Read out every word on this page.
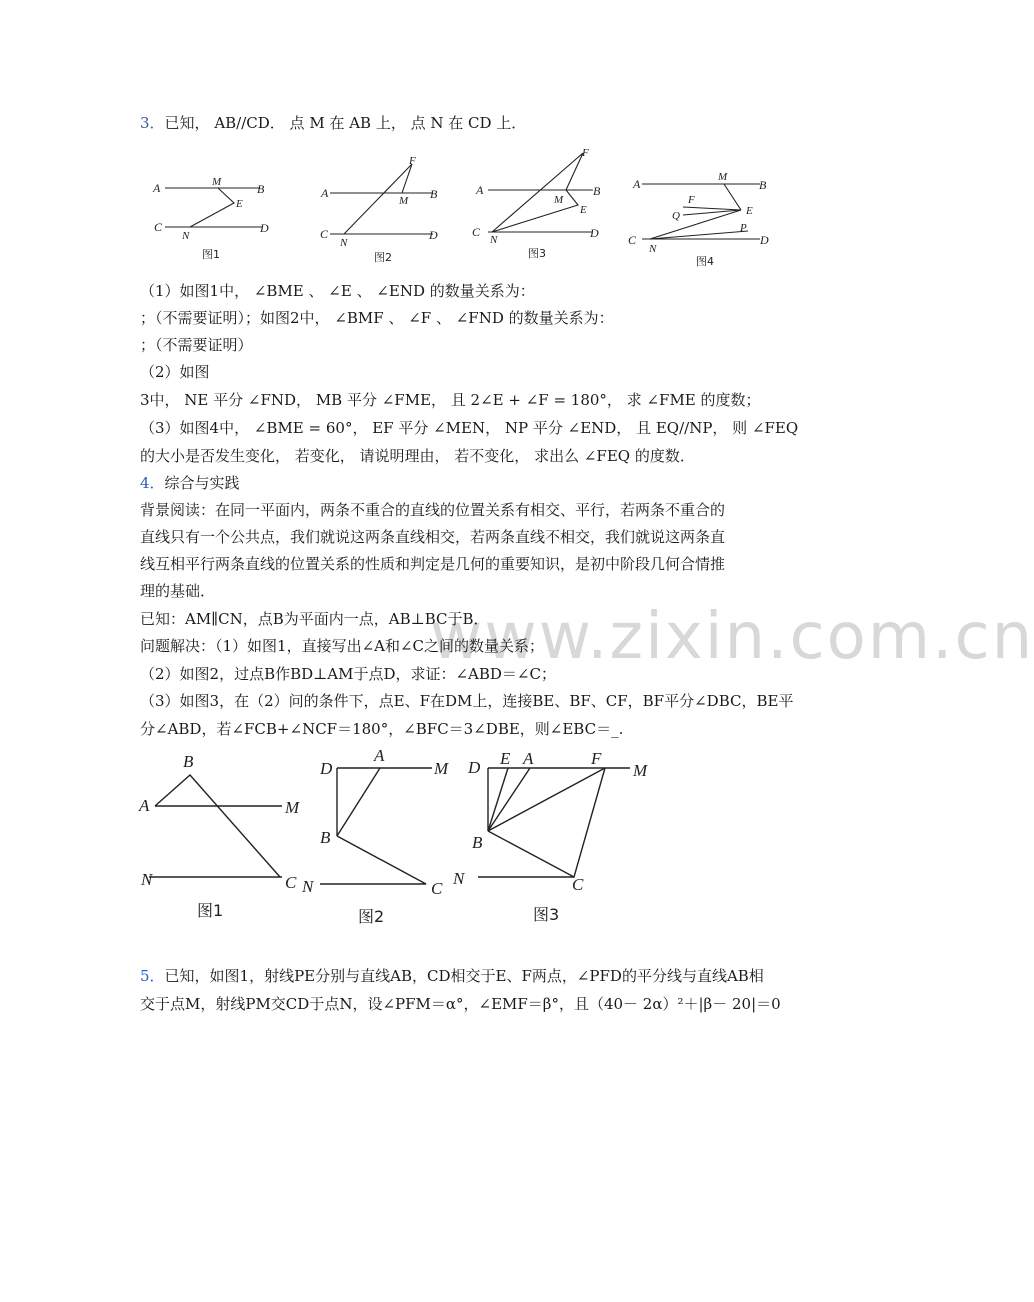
www.zixin.com.cn
3．已知， AB//CD． 点 M 在 AB 上， 点 N 在 CD 上．
A	B
M
E
C
N
D
图1
A	B
F
M
C
N
D
图2
A	B
F
M
E
C
N	D
图3
A	B
M
F
Q	E
P
C
N
D
图4
（1）如图1中， ∠BME 、 ∠E 、 ∠END 的数量关系为：
；（不需要证明）；如图2中， ∠BMF 、 ∠F 、 ∠FND 的数量关系为：
；（不需要证明）
（2）如图
3中， NE 平分 ∠FND， MB 平分 ∠FME， 且 2∠E + ∠F = 180°， 求 ∠FME 的度数；
（3）如图4中， ∠BME = 60°， EF 平分 ∠MEN， NP 平分 ∠END， 且 EQ//NP， 则 ∠FEQ
的大小是否发生变化， 若变化， 请说明理由， 若不变化， 求出么 ∠FEQ 的度数．
4．综合与实践
背景阅读：在同一平面内，两条不重合的直线的位置关系有相交、平行，若两条不重合的
直线只有一个公共点，我们就说这两条直线相交，若两条直线不相交，我们就说这两条直
线互相平行两条直线的位置关系的性质和判定是几何的重要知识，是初中阶段几何合情推
理的基础．
已知：AM∥CN，点B为平面内一点，AB⊥BC于B．
问题解决：（1）如图1，直接写出∠A和∠C之间的数量关系；
（2）如图2，过点B作BD⊥AM于点D，求证：∠ABD＝∠C；
（3）如图3，在（2）问的条件下，点E、F在DM上，连接BE、BF、CF，BF平分∠DBC，BE平
分∠ABD，若∠FCB+∠NCF＝180°，∠BFC＝3∠DBE，则∠EBC＝_.
B
A	M
N	C
图1
D
A
M
B
N	C
图2
D E A	F
M
B
N	C
图3
5．已知，如图1，射线PE分别与直线AB，CD相交于E、F两点，∠PFD的平分线与直线AB相
交于点M，射线PM交CD于点N，设∠PFM＝α°，∠EMF＝β°，且（40－ 2α）²＋|β－ 20|＝0
